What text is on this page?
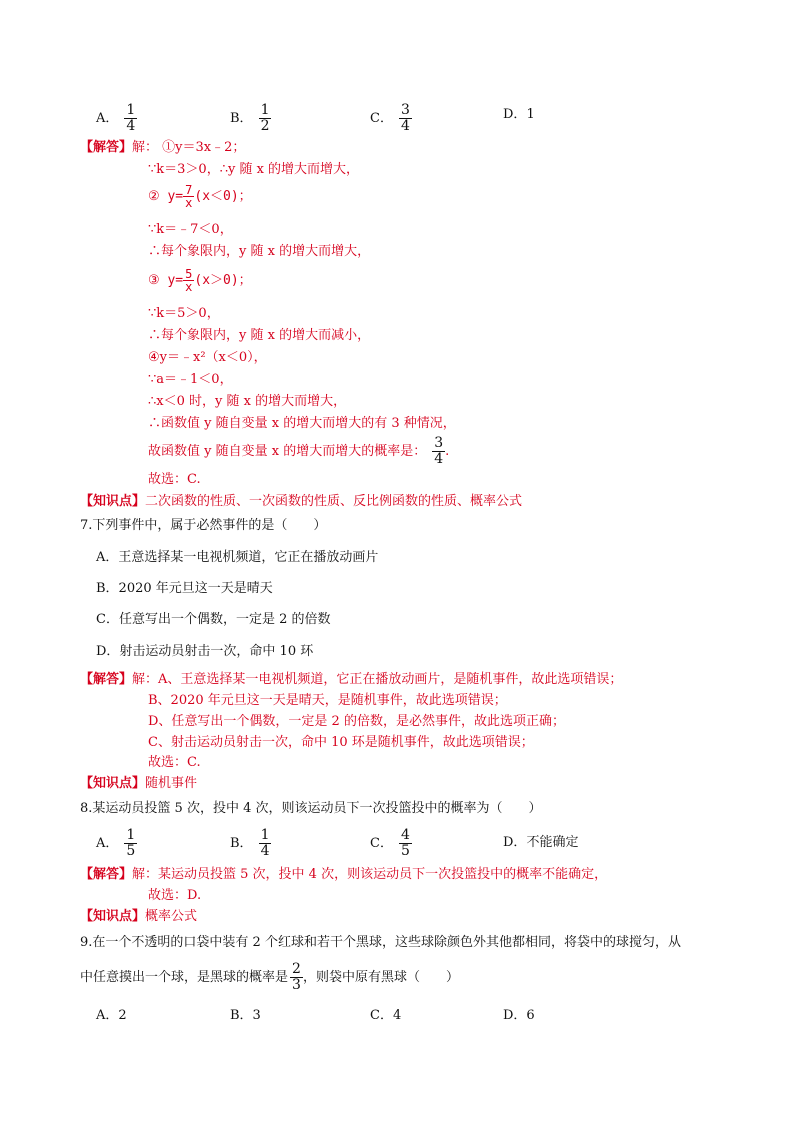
A． $\frac{1}{4}$	B． $\frac{1}{2}$	C． $\frac{3}{4}$	D．1
【解答】解： ①y＝3x﹣2；
∵k＝3＞0，∴y 随 x 的增大而增大，
② $y= \frac{7}{x} (x<0)$；
∵k＝﹣7＜0，
∴每个象限内，y 随 x 的增大而增大，
③ $y= \frac{5}{x} (x>0)$；
∵k＝5＞0，
∴每个象限内，y 随 x 的增大而减小，
④y＝﹣x²（x＜0），
∵a＝﹣1＜0，
∴x＜0 时，y 随 x 的增大而增大，
∴函数值 y 随自变量 x 的增大而增大的有 3 种情况，
故函数值 y 随自变量 x 的增大而增大的概率是： $\frac{3}{4}$ .
故选：C.
【知识点】二次函数的性质、一次函数的性质、反比例函数的性质、概率公式
7.下列事件中，属于必然事件的是（　　）
A．王意选择某一电视机频道，它正在播放动画片
B．2020 年元旦这一天是晴天
C．任意写出一个偶数，一定是 2 的倍数
D．射击运动员射击一次，命中 10 环
【解答】解：A、王意选择某一电视机频道，它正在播放动画片，是随机事件，故此选项错误；
B、2020 年元旦这一天是晴天，是随机事件，故此选项错误；
D、任意写出一个偶数，一定是 2 的倍数，是必然事件，故此选项正确；
C、射击运动员射击一次，命中 10 环是随机事件，故此选项错误；
故选：C.
【知识点】随机事件
8.某运动员投篮 5 次，投中 4 次，则该运动员下一次投篮投中的概率为（　　）
A． $\frac{1}{5}$	B． $\frac{1}{4}$	C． $\frac{4}{5}$	D．不能确定
【解答】解：某运动员投篮 5 次，投中 4 次，则该运动员下一次投篮投中的概率不能确定，
故选：D.
【知识点】概率公式
9.在一个不透明的口袋中装有 2 个红球和若干个黑球，这些球除颜色外其他都相同，将袋中的球搅匀，从
中任意摸出一个球，是黑球的概率是 $\frac{2}{3}$ ，则袋中原有黑球（　　）
A．2	B．3	C．4	D．6
